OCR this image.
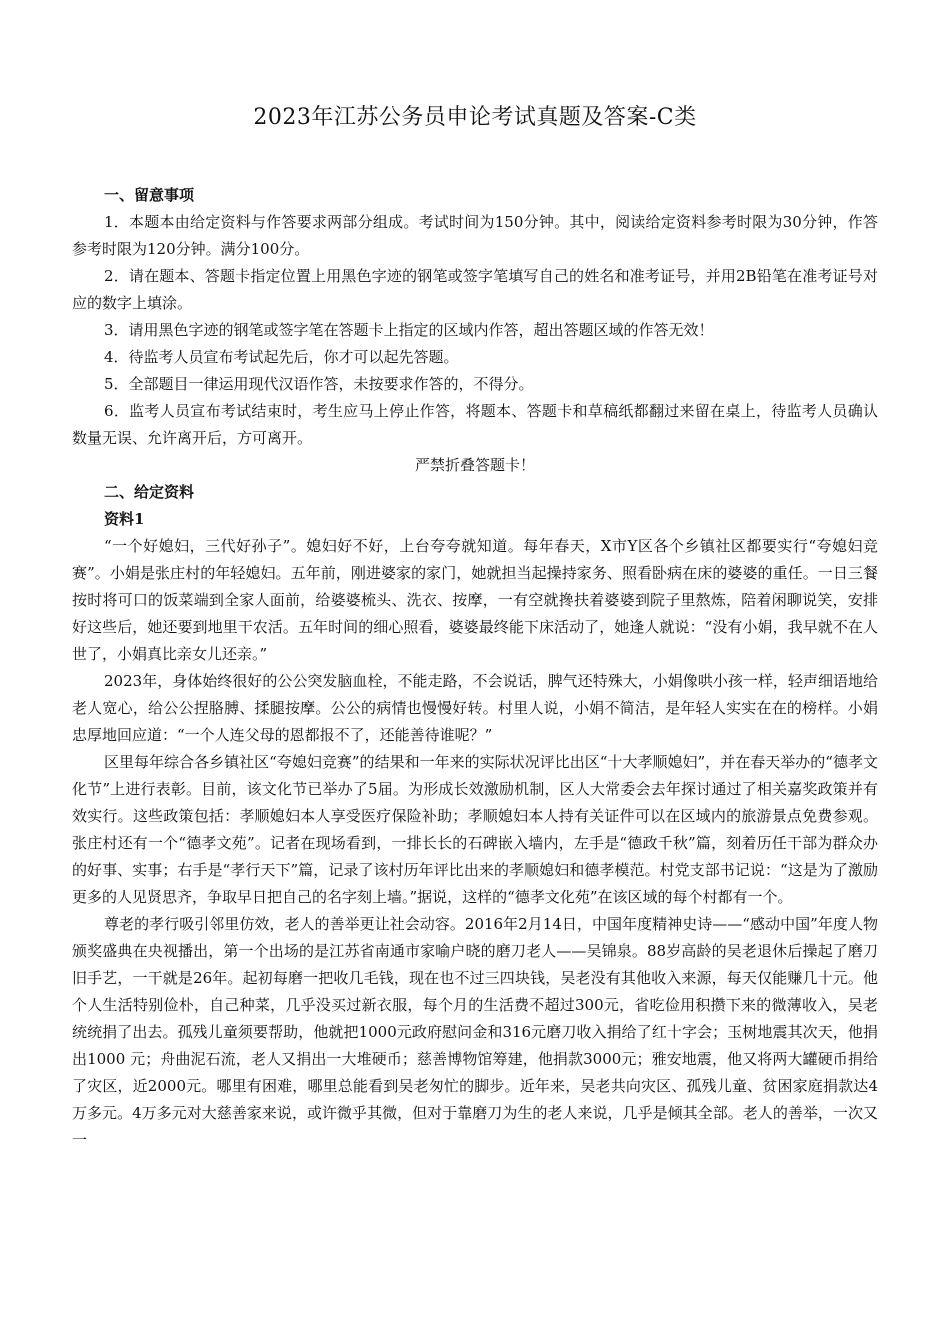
2023年江苏公务员申论考试真题及答案-C类

一、留意事项

1．本题本由给定资料与作答要求两部分组成。考试时间为150分钟。其中，阅读给定资料参考时限为30分钟，作答参考时限为120分钟。满分100分。

2．请在题本、答题卡指定位置上用黑色字迹的钢笔或签字笔填写自己的姓名和准考证号，并用2B铅笔在准考证号对应的数字上填涂。

3．请用黑色字迹的钢笔或签字笔在答题卡上指定的区域内作答，超出答题区域的作答无效！

4．待监考人员宣布考试起先后，你才可以起先答题。

5．全部题目一律运用现代汉语作答，未按要求作答的，不得分。

6．监考人员宣布考试结束时，考生应马上停止作答，将题本、答题卡和草稿纸都翻过来留在桌上，待监考人员确认数量无误、允许离开后，方可离开。

严禁折叠答题卡！

二、给定资料

资料1

“一个好媳妇，三代好孙子”。媳妇好不好，上台夸夸就知道。每年春天，X市Y区各个乡镇社区都要实行“夸媳妇竞赛”。小娟是张庄村的年轻媳妇。五年前，刚进婆家的家门，她就担当起操持家务、照看卧病在床的婆婆的重任。一日三餐按时将可口的饭菜端到全家人面前，给婆婆梳头、洗衣、按摩，一有空就搀扶着婆婆到院子里熬炼，陪着闲聊说笑，安排好这些后，她还要到地里干农活。五年时间的细心照看，婆婆最终能下床活动了，她逢人就说：“没有小娟，我早就不在人世了，小娟真比亲女儿还亲。”

2023年，身体始终很好的公公突发脑血栓，不能走路，不会说话，脾气还特殊大，小娟像哄小孩一样，轻声细语地给老人宽心，给公公捏胳膊、揉腿按摩。公公的病情也慢慢好转。村里人说，小娟不简洁，是年轻人实实在在的榜样。小娟忠厚地回应道：“一个人连父母的恩都报不了，还能善待谁呢？”

区里每年综合各乡镇社区“夸媳妇竞赛”的结果和一年来的实际状况评比出区“十大孝顺媳妇”，并在春天举办的“德孝文化节”上进行表彰。目前，该文化节已举办了5届。为形成长效激励机制，区人大常委会去年探讨通过了相关嘉奖政策并有效实行。这些政策包括：孝顺媳妇本人享受医疗保险补助；孝顺媳妇本人持有关证件可以在区域内的旅游景点免费参观。张庄村还有一个“德孝文苑”。记者在现场看到，一排长长的石碑嵌入墙内，左手是“德政千秋”篇，刻着历任干部为群众办的好事、实事；右手是“孝行天下”篇，记录了该村历年评比出来的孝顺媳妇和德孝模范。村党支部书记说：“这是为了激励更多的人见贤思齐，争取早日把自己的名字刻上墙。”据说，这样的“德孝文化苑”在该区域的每个村都有一个。

尊老的孝行吸引邻里仿效，老人的善举更让社会动容。2016年2月14日，中国年度精神史诗——“感动中国”年度人物颁奖盛典在央视播出，第一个出场的是江苏省南通市家喻户晓的磨刀老人——吴锦泉。88岁高龄的吴老退休后操起了磨刀旧手艺，一干就是26年。起初每磨一把收几毛钱，现在也不过三四块钱，吴老没有其他收入来源，每天仅能赚几十元。他个人生活特别俭朴，自己种菜，几乎没买过新衣服，每个月的生活费不超过300元，省吃俭用积攒下来的微薄收入，吴老统统捐了出去。孤残儿童须要帮助，他就把1000元政府慰问金和316元磨刀收入捐给了红十字会；玉树地震其次天，他捐出1000 元；舟曲泥石流，老人又捐出一大堆硬币；慈善博物馆筹建，他捐款3000元；雅安地震，他又将两大罐硬币捐给了灾区，近2000元。哪里有困难，哪里总能看到吴老匆忙的脚步。近年来，吴老共向灾区、孤残儿童、贫困家庭捐款达4万多元。4万多元对大慈善家来说，或许微乎其微，但对于靠磨刀为生的老人来说，几乎是倾其全部。老人的善举，一次又一
